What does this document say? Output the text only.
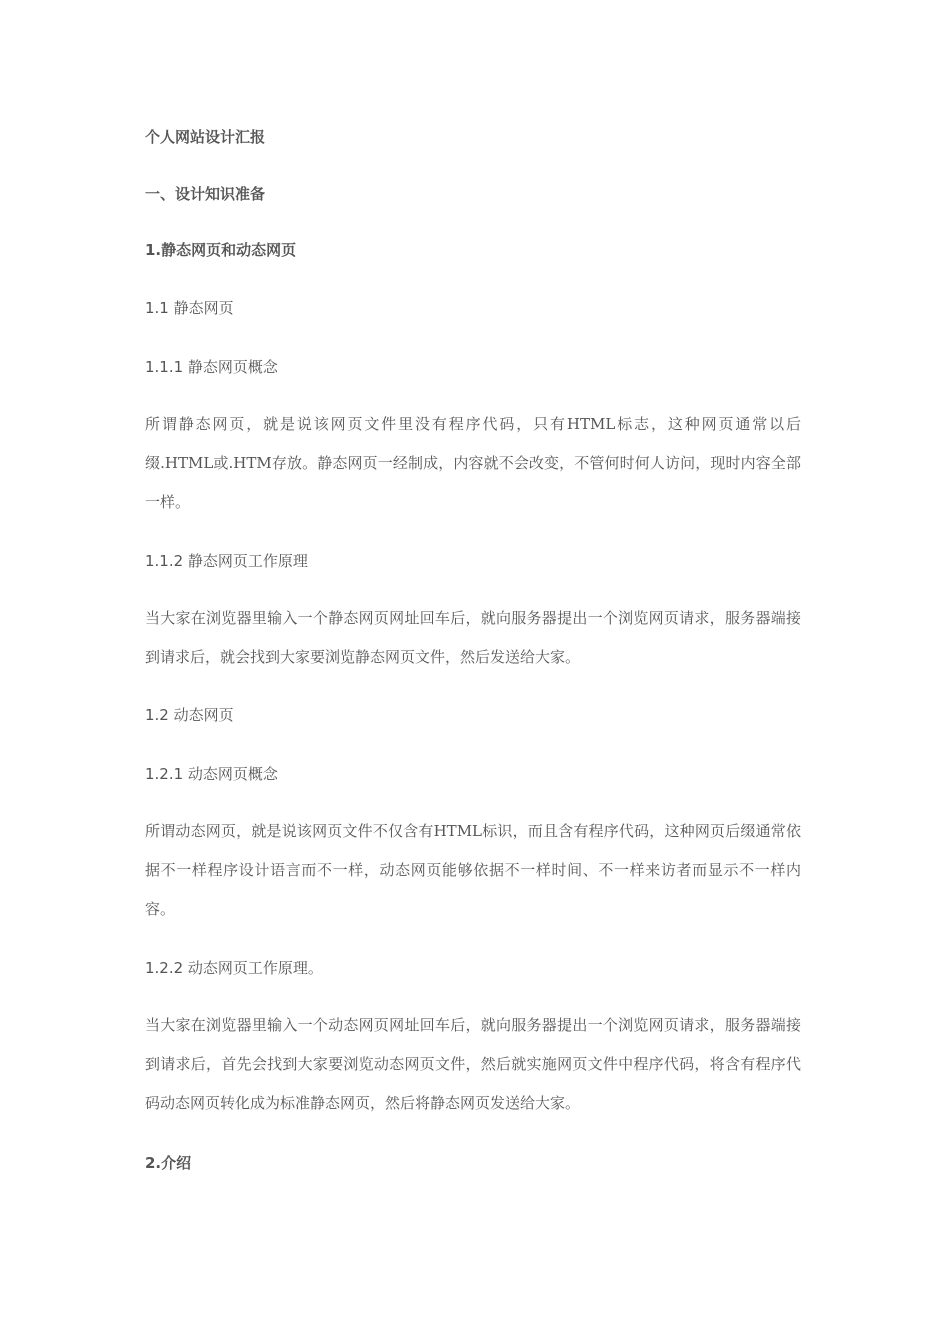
个人网站设计汇报
一、设计知识准备
1.静态网页和动态网页
1.1 静态网页
1.1.1 静态网页概念
所谓静态网页，就是说该网页文件里没有程序代码，只有HTML标志，这种网页通常以后缀.HTML或.HTM存放。静态网页一经制成，内容就不会改变，不管何时何人访问，现时内容全部一样。
1.1.2 静态网页工作原理
当大家在浏览器里输入一个静态网页网址回车后，就向服务器提出一个浏览网页请求，服务器端接到请求后，就会找到大家要浏览静态网页文件，然后发送给大家。
1.2 动态网页
1.2.1 动态网页概念
所谓动态网页，就是说该网页文件不仅含有HTML标识，而且含有程序代码，这种网页后缀通常依据不一样程序设计语言而不一样，动态网页能够依据不一样时间、不一样来访者而显示不一样内容。
1.2.2 动态网页工作原理。
当大家在浏览器里输入一个动态网页网址回车后，就向服务器提出一个浏览网页请求，服务器端接到请求后，首先会找到大家要浏览动态网页文件，然后就实施网页文件中程序代码，将含有程序代码动态网页转化成为标准静态网页，然后将静态网页发送给大家。
2.介绍
